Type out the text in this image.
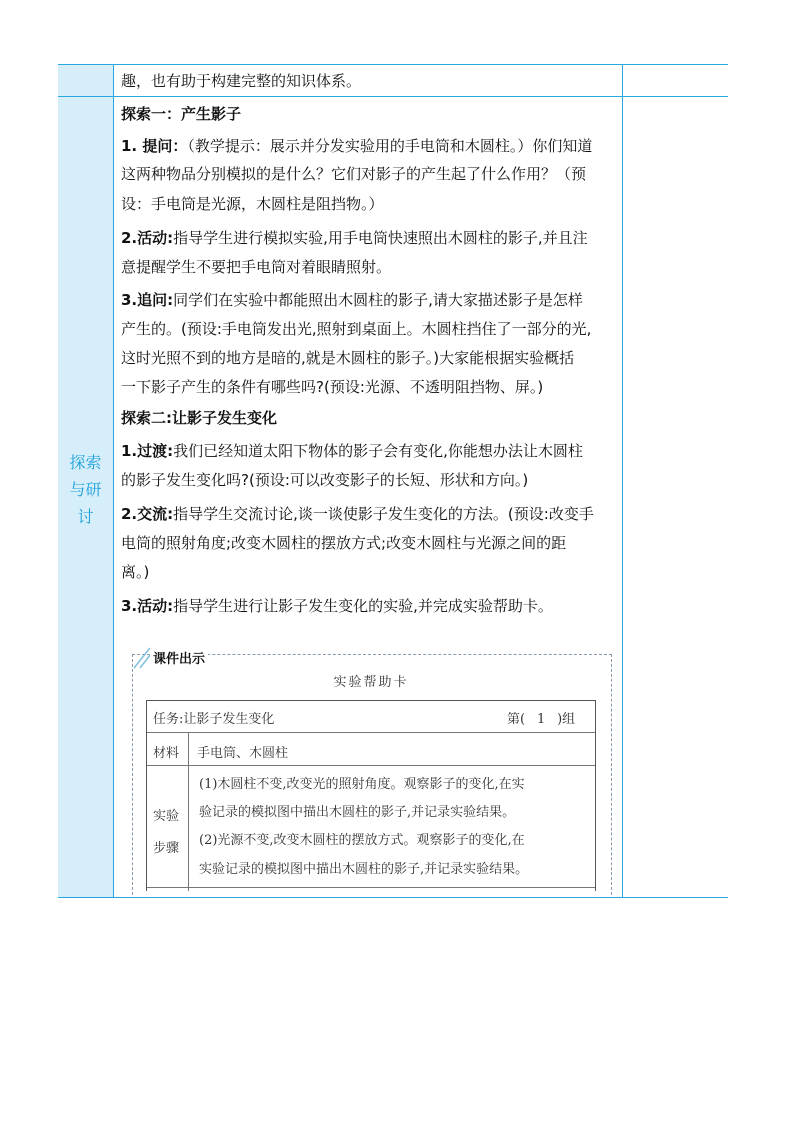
探索
与研
讨
趣，也有助于构建完整的知识体系。
探索一：产生影子
1. 提问：（教学提示：展示并分发实验用的手电筒和木圆柱。）你们知道
这两种物品分别模拟的是什么？它们对影子的产生起了什么作用？（预
设：手电筒是光源，木圆柱是阻挡物。）
2.活动:指导学生进行模拟实验,用手电筒快速照出木圆柱的影子,并且注
意提醒学生不要把手电筒对着眼睛照射。
3.追问:同学们在实验中都能照出木圆柱的影子,请大家描述影子是怎样
产生的。(预设:手电筒发出光,照射到桌面上。木圆柱挡住了一部分的光,
这时光照不到的地方是暗的,就是木圆柱的影子。)大家能根据实验概括
一下影子产生的条件有哪些吗?(预设:光源、不透明阻挡物、屏。)
探索二:让影子发生变化
1.过渡:我们已经知道太阳下物体的影子会有变化,你能想办法让木圆柱
的影子发生变化吗?(预设:可以改变影子的长短、形状和方向。)
2.交流:指导学生交流讨论,谈一谈使影子发生变化的方法。(预设:改变手
电筒的照射角度;改变木圆柱的摆放方式;改变木圆柱与光源之间的距
离。)
3.活动:指导学生进行让影子发生变化的实验,并完成实验帮助卡。
课件出示
实验帮助卡
任务:让影子发生变化	第( 1 )组
材料 手电筒、木圆柱
实验
步骤
(1)木圆柱不变,改变光的照射角度。观察影子的变化,在实
验记录的模拟图中描出木圆柱的影子,并记录实验结果。
(2)光源不变,改变木圆柱的摆放方式。观察影子的变化,在
实验记录的模拟图中描出木圆柱的影子,并记录实验结果。
